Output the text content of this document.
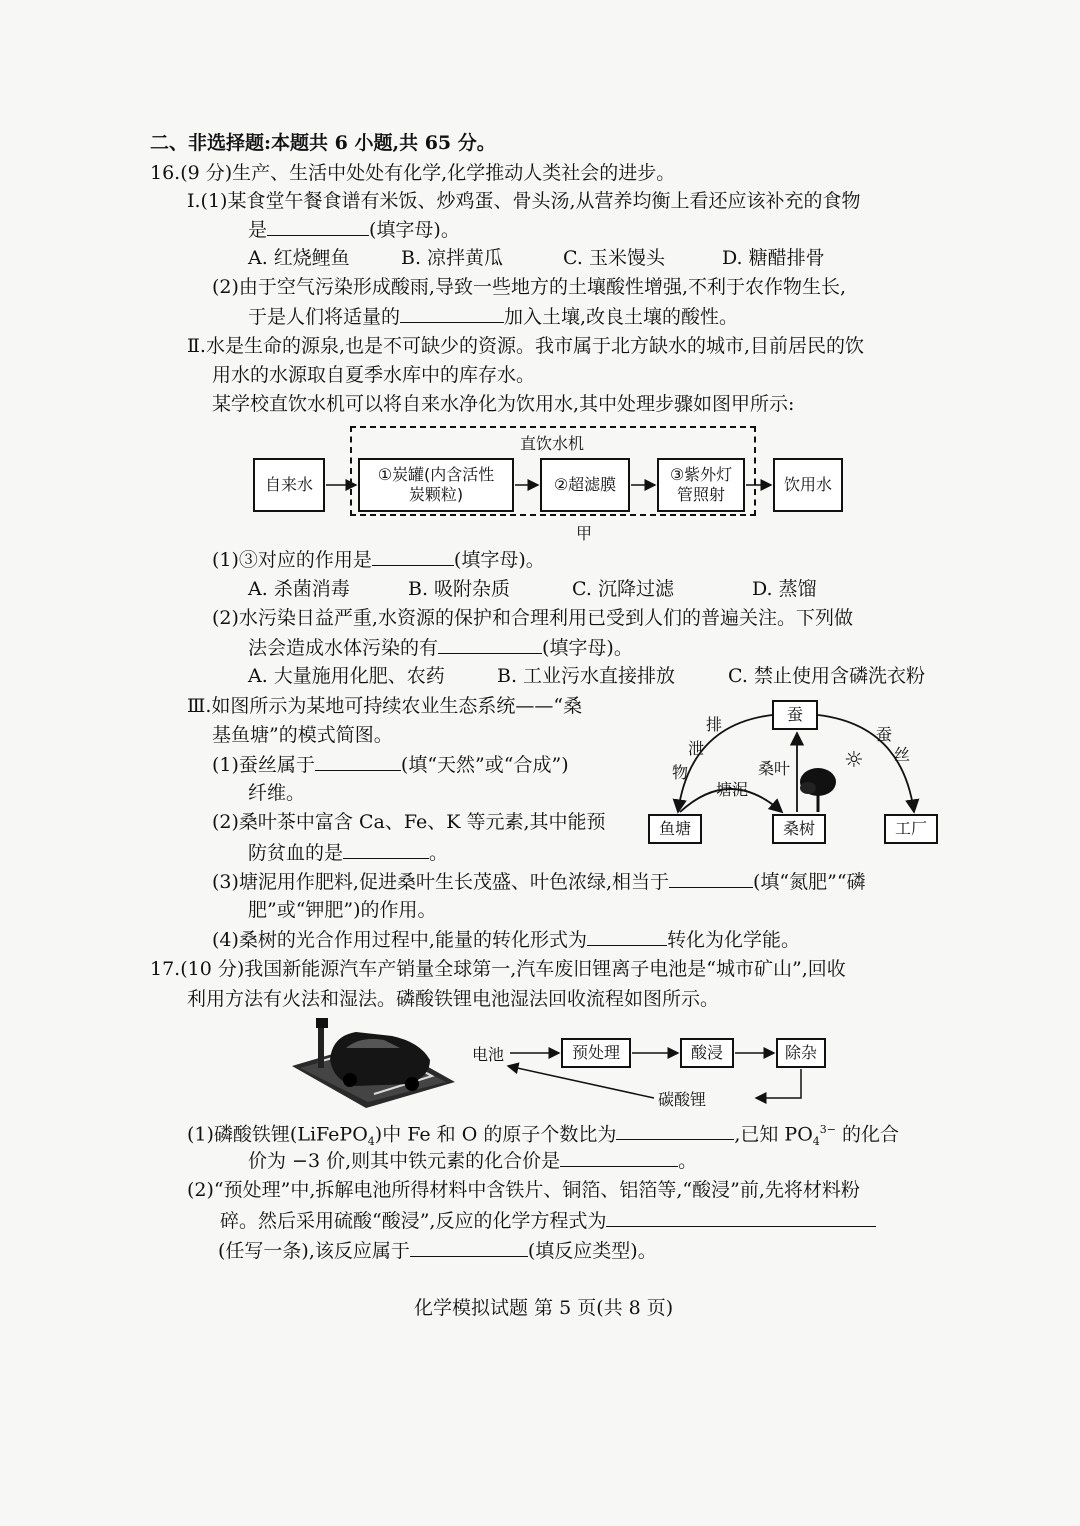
二、非选择题:本题共 6 小题,共 65 分。
16.(9 分)生产、生活中处处有化学,化学推动人类社会的进步。
Ⅰ.(1)某食堂午餐食谱有米饭、炒鸡蛋、骨头汤,从营养均衡上看还应该补充的食物
是	(填字母)。
A. 红烧鲤鱼	B. 凉拌黄瓜	C. 玉米馒头	D. 糖醋排骨
(2)由于空气污染形成酸雨,导致一些地方的土壤酸性增强,不利于农作物生长,
于是人们将适量的	加入土壤,改良土壤的酸性。
Ⅱ.水是生命的源泉,也是不可缺少的资源。我市属于北方缺水的城市,目前居民的饮
用水的水源取自夏季水库中的库存水。
某学校直饮水机可以将自来水净化为饮用水,其中处理步骤如图甲所示:
直饮水机
自来水
①炭罐(内含活性
炭颗粒)
②超滤膜
③紫外灯
管照射
饮用水
甲
(1)③对应的作用是	(填字母)。
A. 杀菌消毒	B. 吸附杂质	C. 沉降过滤	D. 蒸馏
(2)水污染日益严重,水资源的保护和合理利用已受到人们的普遍关注。下列做
法会造成水体污染的有	(填字母)。
A. 大量施用化肥、农药	B. 工业污水直接排放	C. 禁止使用含磷洗衣粉
Ⅲ.如图所示为某地可持续农业生态系统——“桑
基鱼塘”的模式简图。
(1)蚕丝属于	(填“天然”或“合成”)
纤维。
(2)桑叶茶中富含 Ca、Fe、K 等元素,其中能预
防贫血的是	。
蚕
鱼塘	桑树	工厂
排
泄
物
蚕
丝
桑叶
塘泥
☼
(3)塘泥用作肥料,促进桑叶生长茂盛、叶色浓绿,相当于	(填“氮肥”“磷
肥”或“钾肥”)的作用。
(4)桑树的光合作用过程中,能量的转化形式为	转化为化学能。
17.(10 分)我国新能源汽车产销量全球第一,汽车废旧锂离子电池是“城市矿山”,回收
利用方法有火法和湿法。磷酸铁锂电池湿法回收流程如图所示。
电池	预处理	酸浸	除杂
碳酸锂
(1)磷酸铁锂(LiFePO$_4$)中 Fe 和 O 的原子个数比为	,已知 $PO_4^{3-}$ 的化合
价为 −3 价,则其中铁元素的化合价是	。
(2)“预处理”中,拆解电池所得材料中含铁片、铜箔、铝箔等,“酸浸”前,先将材料粉
碎。然后采用硫酸“酸浸”,反应的化学方程式为
(任写一条),该反应属于	(填反应类型)。
化学模拟试题 第 5 页(共 8 页)
